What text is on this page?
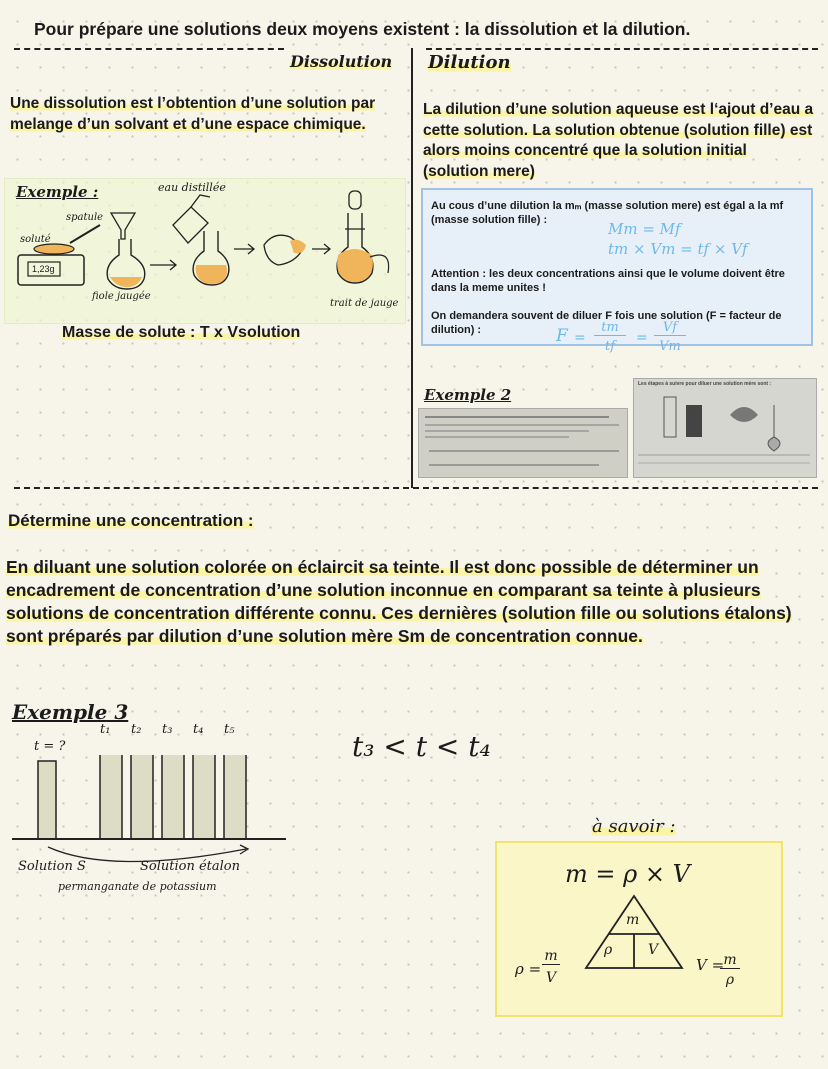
Pour prépare une solutions deux moyens existent : la dissolution et la dilution.
Dissolution Dilution
Une dissolution est l’obtention d’une solution par melange d’un solvant et d’une espace chimique.
Exemple :	eau distillée
spatule
soluté
1,23g
fiole jaugée
trait de jauge
Masse de solute : T x Vsolution
La dilution d’une solution aqueuse est l‘ajout d’eau a cette solution. La solution obtenue (solution fille) est alors moins concentré que la solution initial (solution mere)
Au cous d’une dilution la mₘ (masse solution mere) est égal a la mf (masse solution fille) :	Mm = Mf
tm × Vm = tf × Vf
Attention : les deux concentrations ainsi que le volume doivent être dans la meme unites !
On demandera souvent de diluer F fois une solution (F = facteur de dilution) :	F =
tm
tf
=
Vf
Vm
Exemple 2
Les étapes à suivre pour diluer une solution mère sont :
Détermine une concentration :
En diluant une solution colorée on éclaircit sa teinte. Il est donc possible de déterminer un encadrement de concentration d’une solution inconnue en comparant sa teinte à plusieurs solutions de concentration différente connu. Ces dernières (solution fille ou solutions étalons) sont préparés par dilution d’une solution mère Sm de concentration connue.
Exemple 3
t = ?
t₁	t₂	t₃	t₄	t₅
Solution S	Solution étalon
permanganate de potassium
t₃ < t < t₄
à savoir :
m = ρ × V
m
ρ	V
ρ =
m
V
V = m
ρ
